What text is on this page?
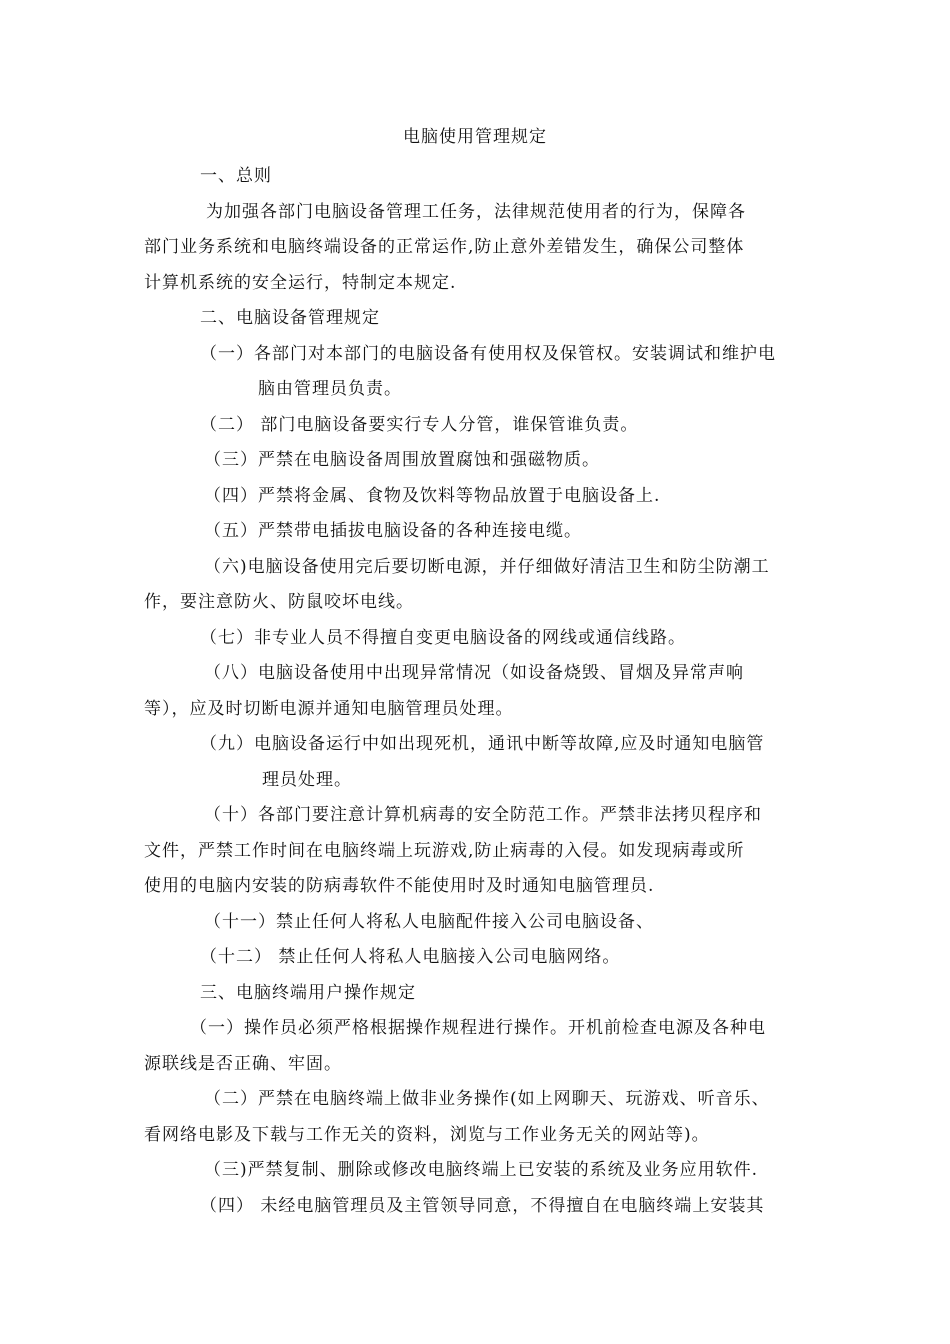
电脑使用管理规定
一、总则
为加强各部门电脑设备管理工任务，法律规范使用者的行为，保障各
部门业务系统和电脑终端设备的正常运作,防止意外差错发生，确保公司整体
计算机系统的安全运行，特制定本规定.
二、电脑设备管理规定
（一）各部门对本部门的电脑设备有使用权及保管权。安装调试和维护电
脑由管理员负责。
（二） 部门电脑设备要实行专人分管，谁保管谁负责。
（三）严禁在电脑设备周围放置腐蚀和强磁物质。
（四）严禁将金属、食物及饮料等物品放置于电脑设备上.
（五）严禁带电插拔电脑设备的各种连接电缆。
（六)电脑设备使用完后要切断电源，并仔细做好清洁卫生和防尘防潮工
作，要注意防火、防鼠咬坏电线。
（七）非专业人员不得擅自变更电脑设备的网线或通信线路。
（八）电脑设备使用中出现异常情况（如设备烧毁、冒烟及异常声响
等），应及时切断电源并通知电脑管理员处理。
（九）电脑设备运行中如出现死机，通讯中断等故障,应及时通知电脑管
理员处理。
（十）各部门要注意计算机病毒的安全防范工作。严禁非法拷贝程序和
文件，严禁工作时间在电脑终端上玩游戏,防止病毒的入侵。如发现病毒或所
使用的电脑内安装的防病毒软件不能使用时及时通知电脑管理员.
（十一）禁止任何人将私人电脑配件接入公司电脑设备、
（十二） 禁止任何人将私人电脑接入公司电脑网络。
三、电脑终端用户操作规定
（一）操作员必须严格根据操作规程进行操作。开机前检查电源及各种电
源联线是否正确、牢固。
（二）严禁在电脑终端上做非业务操作(如上网聊天、玩游戏、听音乐、
看网络电影及下载与工作无关的资料，浏览与工作业务无关的网站等)。
（三)严禁复制、删除或修改电脑终端上已安装的系统及业务应用软件.
（四） 未经电脑管理员及主管领导同意，不得擅自在电脑终端上安装其
